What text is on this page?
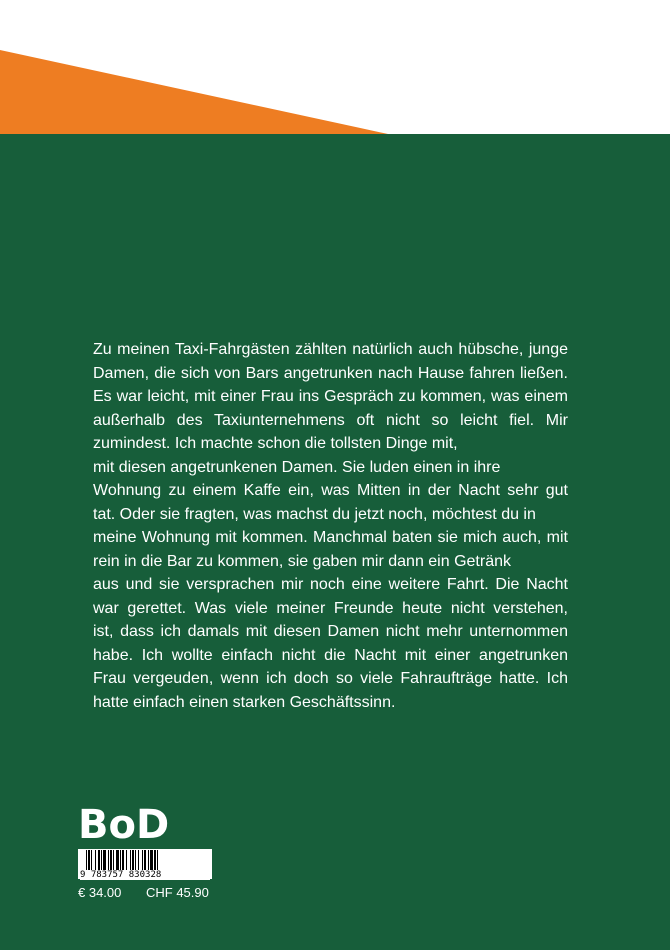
Zu meinen Taxi-Fahrgästen zählten natürlich auch hübsche, junge

Damen, die sich von Bars angetrunken nach Hause fahren ließen.

Es war leicht, mit einer Frau ins Gespräch zu kommen, was einem

außerhalb des Taxiunternehmens oft nicht so leicht fiel. Mir

zumindest. Ich machte schon die tollsten Dinge mit,

mit diesen angetrunkenen Damen. Sie luden einen in ihre

Wohnung zu einem Kaffe ein, was Mitten in der Nacht sehr gut

tat. Oder sie fragten, was machst du jetzt noch, möchtest du in

meine Wohnung mit kommen. Manchmal baten sie mich auch, mit

rein in die Bar zu kommen, sie gaben mir dann ein Getränk

aus und sie versprachen mir noch eine weitere Fahrt. Die Nacht

war gerettet. Was viele meiner Freunde heute nicht verstehen,

ist, dass ich damals mit diesen Damen nicht mehr unternommen

habe. Ich wollte einfach nicht die Nacht mit einer angetrunken

Frau vergeuden, wenn ich doch so viele Fahraufträge hatte. Ich

hatte einfach einen starken Geschäftssinn.

BoD
9 783757 830328
€ 34.00 CHF 45.90
